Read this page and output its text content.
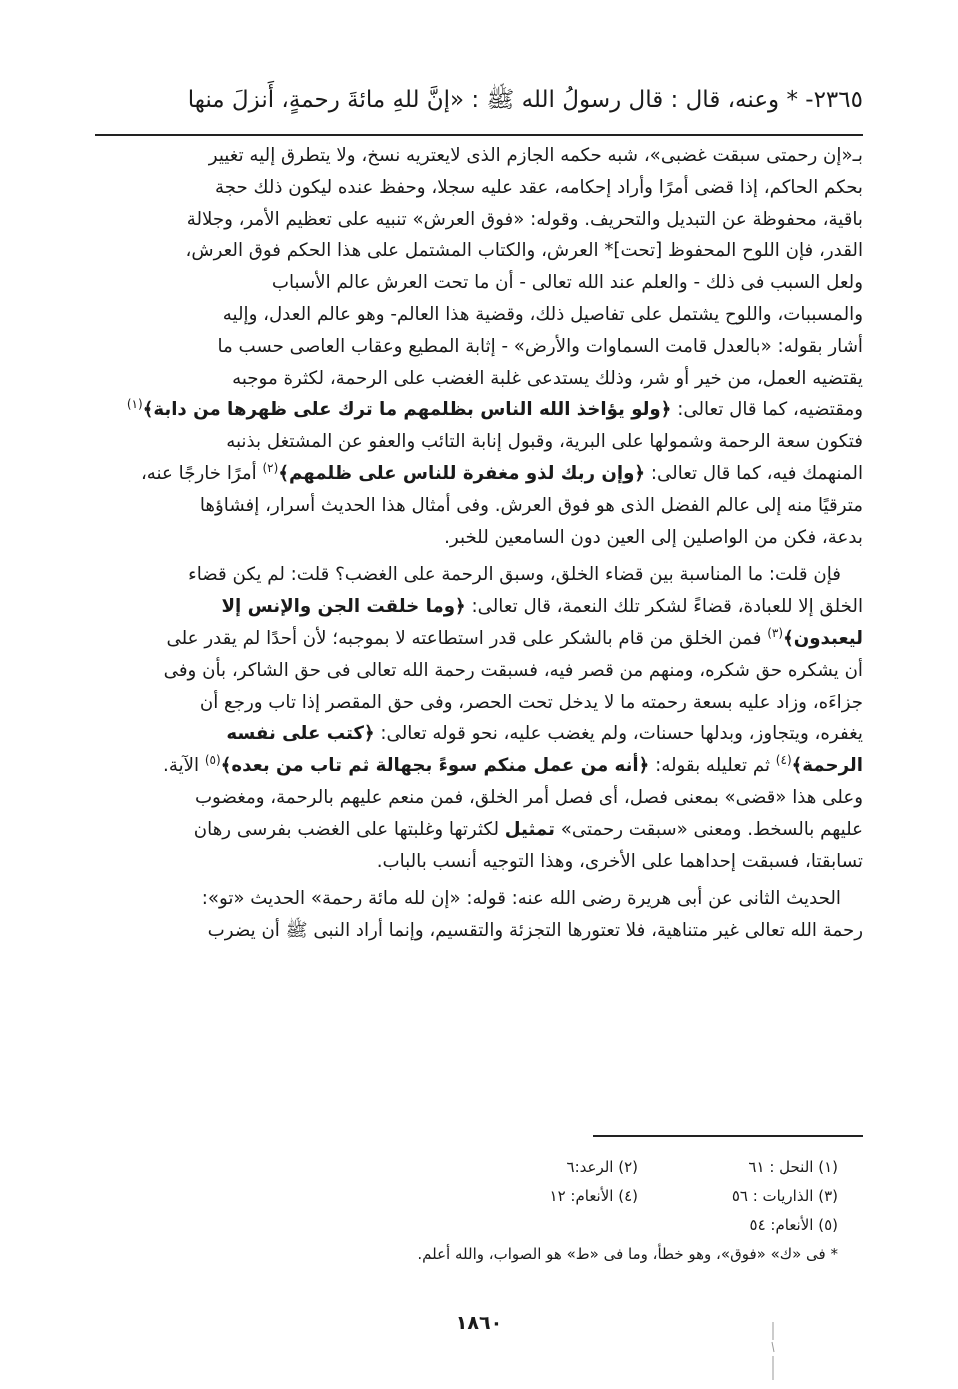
٢٣٦٥- * وعنه، قال : قال رسولُ الله ﷺ : «إنَّ للهِ مائةَ رحمةٍ، أَنزلَ منها

بـ«إن رحمتى سبقت غضبى»، شبه حكمه الجازم الذى لايعتريه نسخ، ولا يتطرق إليه تغيير

بحكم الحاكم، إذا قضى أمرًا وأراد إحكامه، عقد عليه سجلا، وحفظ عنده ليكون ذلك حجة

باقية، محفوظة عن التبديل والتحريف. وقوله: «فوق العرش» تنبيه على تعظيم الأمر، وجلالة

القدر، فإن اللوح المحفوظ [تحت]* العرش، والكتاب المشتمل على هذا الحكم فوق العرش،

ولعل السبب فى ذلك - والعلم عند الله تعالى - أن ما تحت العرش عالم الأسباب

والمسببات، واللوح يشتمل على تفاصيل ذلك، وقضية هذا العالم- وهو عالم العدل، وإليه

أشار بقوله: «بالعدل قامت السماوات والأرض» - إثابة المطيع وعقاب العاصى حسب ما

يقتضيه العمل، من خير أو شر، وذلك يستدعى غلبة الغضب على الرحمة، لكثرة موجبه

ومقتضيه، كما قال تعالى: ﴿ولو يؤاخذ الله الناس بظلمهم ما ترك على ظهرها من دابة﴾$^{(١)}$

فتكون سعة الرحمة وشمولها على البرية، وقبول إنابة التائب والعفو عن المشتغل بذنبه

المنهمك فيه، كما قال تعالى: ﴿وإن ربك لذو مغفرة للناس على ظلمهم﴾$^{(٢)}$ أمرًا خارجًا عنه،

مترقيًا منه إلى عالم الفضل الذى هو فوق العرش. وفى أمثال هذا الحديث أسرار، إفشاؤها

بدعة، فكن من الواصلين إلى العين دون السامعين للخبر.

فإن قلت: ما المناسبة بين قضاء الخلق، وسبق الرحمة على الغضب؟ قلت: لم يكن قضاء

الخلق إلا للعبادة، قضاءً لشكر تلك النعمة، قال تعالى: ﴿وما خلقت الجن والإنس إلا

ليعبدون﴾$^{(٣)}$ فمن الخلق من قام بالشكر على قدر استطاعته لا بموجبه؛ لأن أحدًا لم يقدر على

أن يشكره حق شكره، ومنهم من قصر فيه، فسبقت رحمة الله تعالى فى حق الشاكر، بأن وفى

جزاءَه، وزاد عليه بسعة رحمته ما لا يدخل تحت الحصر، وفى حق المقصر إذا تاب ورجع أن

يغفره، ويتجاوز، وبدلها حسنات، ولم يغضب عليه، نحو قوله تعالى: ﴿كتب على نفسه

الرحمة﴾$^{(٤)}$ ثم تعليله بقوله: ﴿أنه من عمل منكم سوءً بجهالة ثم تاب من بعده﴾$^{(٥)}$ الآية.

وعلى هذا «قضى» بمعنى فصل، أى فصل أمر الخلق، فمن منعم عليهم بالرحمة، ومغضوب

عليهم بالسخط. ومعنى «سبقت رحمتى» تمثيل لكثرتها وغلبتها على الغضب بفرسى رهان

تسابقتا، فسبقت إحداهما على الأخرى، وهذا التوجيه أنسب بالباب.

الحديث الثانى عن أبى هريرة رضى الله عنه: قوله: «إن لله مائة رحمة» الحديث «تو»:

رحمة الله تعالى غير متناهية، فلا تعتورها التجزئة والتقسيم، وإنما أراد النبى ﷺ أن يضرب

(١) النحل : ٦١
(٢) الرعد:٦
(٣) الذاريات : ٥٦
(٤) الأنعام: ١٢
(٥) الأنعام: ٥٤
* فى «ك» «فوق»، وهو خطأ، وما فى «ط» هو الصواب، والله أعلم.
١٨٦٠
